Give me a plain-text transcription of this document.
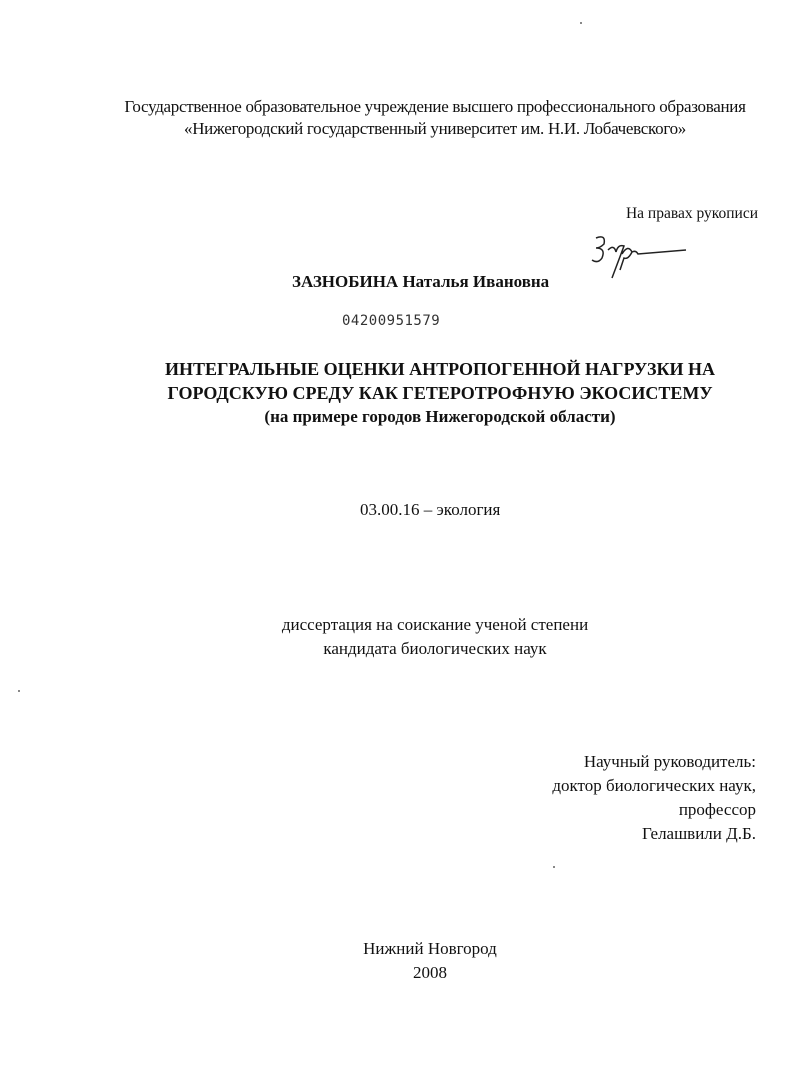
Государственное образовательное учреждение высшего профессионального образования
«Нижегородский государственный университет им. Н.И. Лобачевского»
На правах рукописи
ЗАЗНОБИНА Наталья Ивановна
04200951579
ИНТЕГРАЛЬНЫЕ ОЦЕНКИ АНТРОПОГЕННОЙ НАГРУЗКИ НА
ГОРОДСКУЮ СРЕДУ КАК ГЕТЕРОТРОФНУЮ ЭКОСИСТЕМУ
(на примере городов Нижегородской области)
03.00.16 – экология
диссертация на соискание ученой степени
кандидата биологических наук
Научный руководитель:
доктор биологических наук,
профессор
Гелашвили Д.Б.
Нижний Новгород
2008
